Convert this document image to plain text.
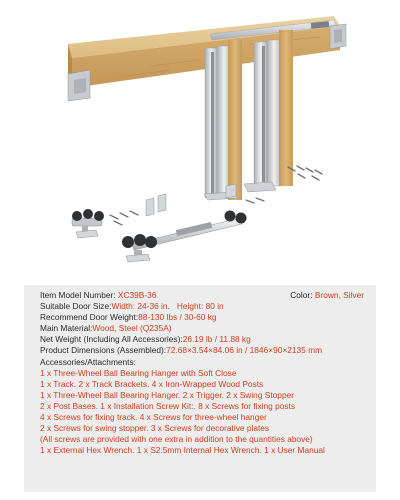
Item Model Number: XC39B-36	Color: Brown, Silver
Suitable Door Size: Width: 24-36 in.
Height: 80 in
Recommend Door Weight: 88-130 lbs / 30-60 kg
Main Material: Wood, Steel (Q235A)
Net Weight (Including All Accessories): 26.19 lb / 11.88 kg
Product Dimensions (Assembled): 72.68×3.54×84.06 in / 1846×90×2135 mm
Accessories/Attachments:
1 x Three-Wheel Ball Bearing Hanger with Soft Close
1 x Track. 2 x Track Brackets. 4 x Iron-Wrapped Wood Posts
1 x Three-Wheel Ball Bearing Hanger. 2 x Trigger. 2 x Swing Stopper
2 x Post Bases. 1 x Installation Screw Kit:. 8 x Screws for fixing posts
4 x Screws for fixing track. 4 x Screws for three-wheel hanger
2 x Screws for swing stopper. 3 x Screws for decorative plates
(All screws are provided with one extra in addition to the quantities above)
1 x External Hex Wrench. 1 x S2.5mm Internal Hex Wrench. 1 x User Manual
